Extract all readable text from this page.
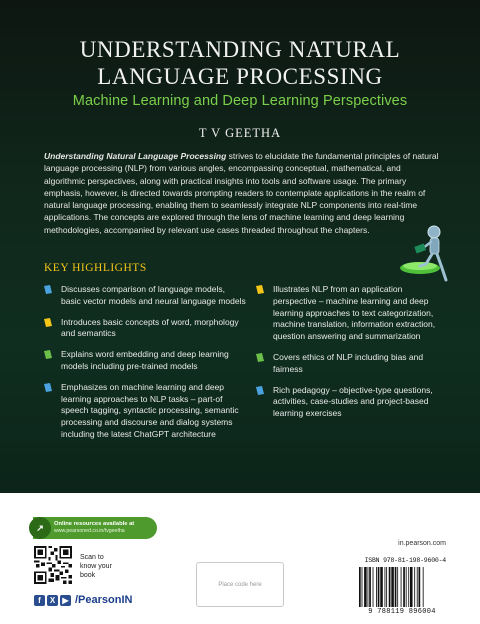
UNDERSTANDING NATURAL
LANGUAGE PROCESSING
Machine Learning and Deep Learning Perspectives
T V GEETHA
Understanding Natural Language Processing strives to elucidate the fundamental principles of natural language processing (NLP) from various angles, encompassing conceptual, mathematical, and algorithmic perspectives, along with practical insights into tools and software usage. The primary emphasis, however, is directed towards prompting readers to contemplate applications in the realm of natural language processing, enabling them to seamlessly integrate NLP components into real-time applications. The concepts are explored through the lens of machine learning and deep learning methodologies, accompanied by relevant use cases threaded throughout the chapters.
KEY HIGHLIGHTS
Discusses comparison of language models, basic vector models and neural language models
Introduces basic concepts of word, morphology and semantics
Explains word embedding and deep learning models including pre-trained models
Emphasizes on machine learning and deep learning approaches to NLP tasks – part-of speech tagging, syntactic processing, semantic processing and discourse and dialog systems including the latest ChatGPT architecture
Illustrates NLP from an application perspective – machine learning and deep learning approaches to text categorization, machine translation, information extraction, question answering and summarization
Covers ethics of NLP including bias and fairness
Rich pedagogy – objective-type questions, activities, case-studies and project-based learning exercises
↗	Online resources available at
www.pearsoned.co.in/tvgeetha
Scan to know your book
f	X ▶ /PearsonIN
Place code here
in.pearson.com
ISBN 978-81-198-9600-4
9 788119 896004
